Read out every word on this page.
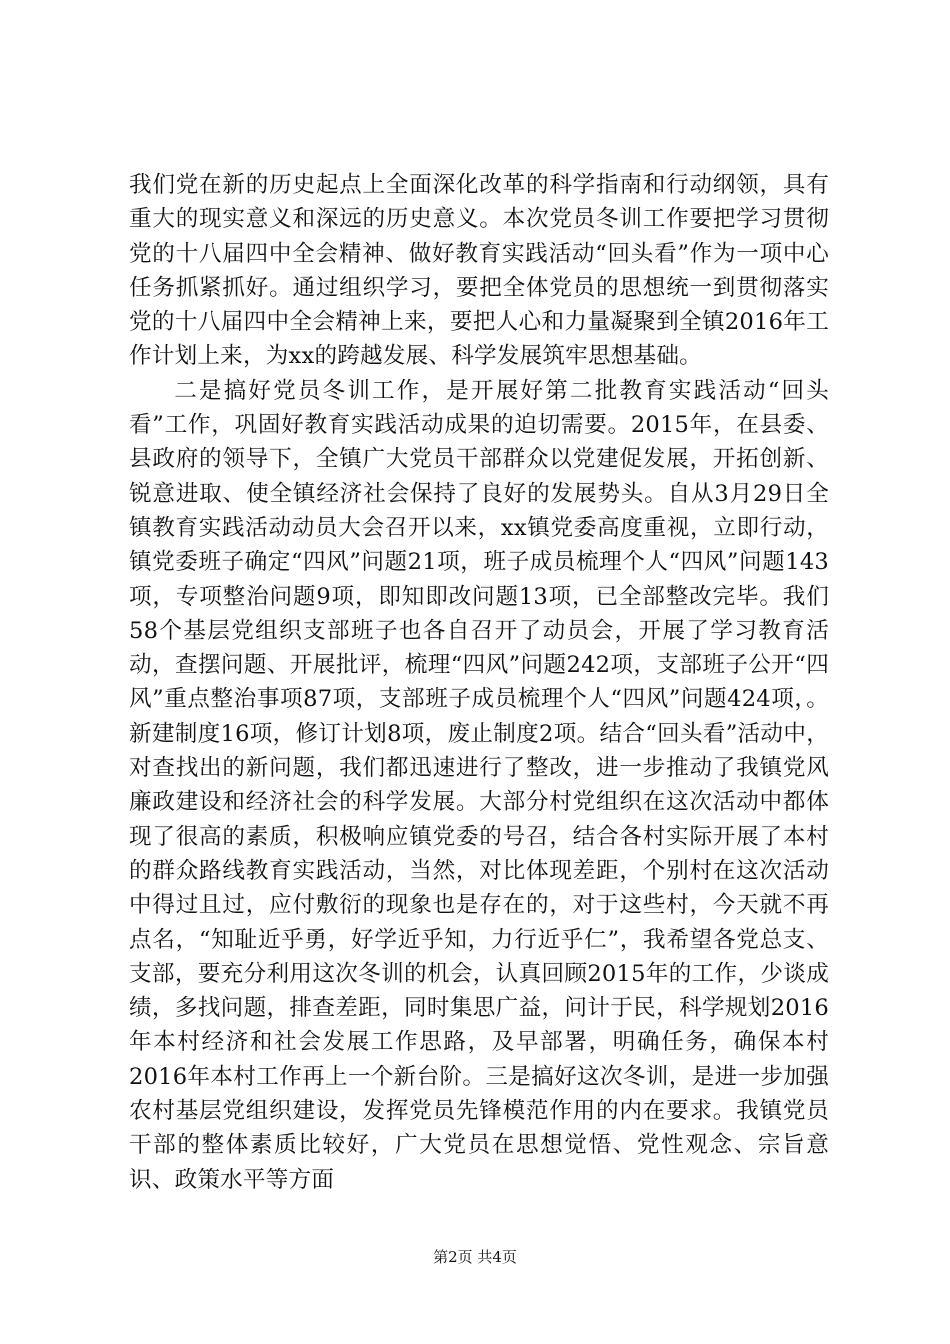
我们党在新的历史起点上全面深化改革的科学指南和行动纲领，具有重大的现实意义和深远的历史意义。本次党员冬训工作要把学习贯彻党的十八届四中全会精神、做好教育实践活动“回头看”作为一项中心任务抓紧抓好。通过组织学习，要把全体党员的思想统一到贯彻落实党的十八届四中全会精神上来，要把人心和力量凝聚到全镇2016年工作计划上来，为xx的跨越发展、科学发展筑牢思想基础。

二是搞好党员冬训工作，是开展好第二批教育实践活动“回头看”工作，巩固好教育实践活动成果的迫切需要。2015年，在县委、县政府的领导下，全镇广大党员干部群众以党建促发展，开拓创新、锐意进取、使全镇经济社会保持了良好的发展势头。自从3月29日全镇教育实践活动动员大会召开以来，xx镇党委高度重视，立即行动，镇党委班子确定“四风”问题21项，班子成员梳理个人“四风”问题143项，专项整治问题9项，即知即改问题13项，已全部整改完毕。我们58个基层党组织支部班子也各自召开了动员会，开展了学习教育活动，查摆问题、开展批评，梳理“四风”问题242项，支部班子公开“四风”重点整治事项87项，支部班子成员梳理个人“四风”问题424项，。新建制度16项，修订计划8项，废止制度2项。结合“回头看”活动中，对查找出的新问题，我们都迅速进行了整改，进一步推动了我镇党风廉政建设和经济社会的科学发展。大部分村党组织在这次活动中都体现了很高的素质，积极响应镇党委的号召，结合各村实际开展了本村的群众路线教育实践活动，当然，对比体现差距，个别村在这次活动中得过且过，应付敷衍的现象也是存在的，对于这些村，今天就不再点名，“知耻近乎勇，好学近乎知，力行近乎仁”，我希望各党总支、支部，要充分利用这次冬训的机会，认真回顾2015年的工作，少谈成绩，多找问题，排查差距，同时集思广益，问计于民，科学规划2016年本村经济和社会发展工作思路，及早部署，明确任务，确保本村2016年本村工作再上一个新台阶。三是搞好这次冬训，是进一步加强农村基层党组织建设，发挥党员先锋模范作用的内在要求。我镇党员干部的整体素质比较好，广大党员在思想觉悟、党性观念、宗旨意识、政策水平等方面

第2页 共4页
